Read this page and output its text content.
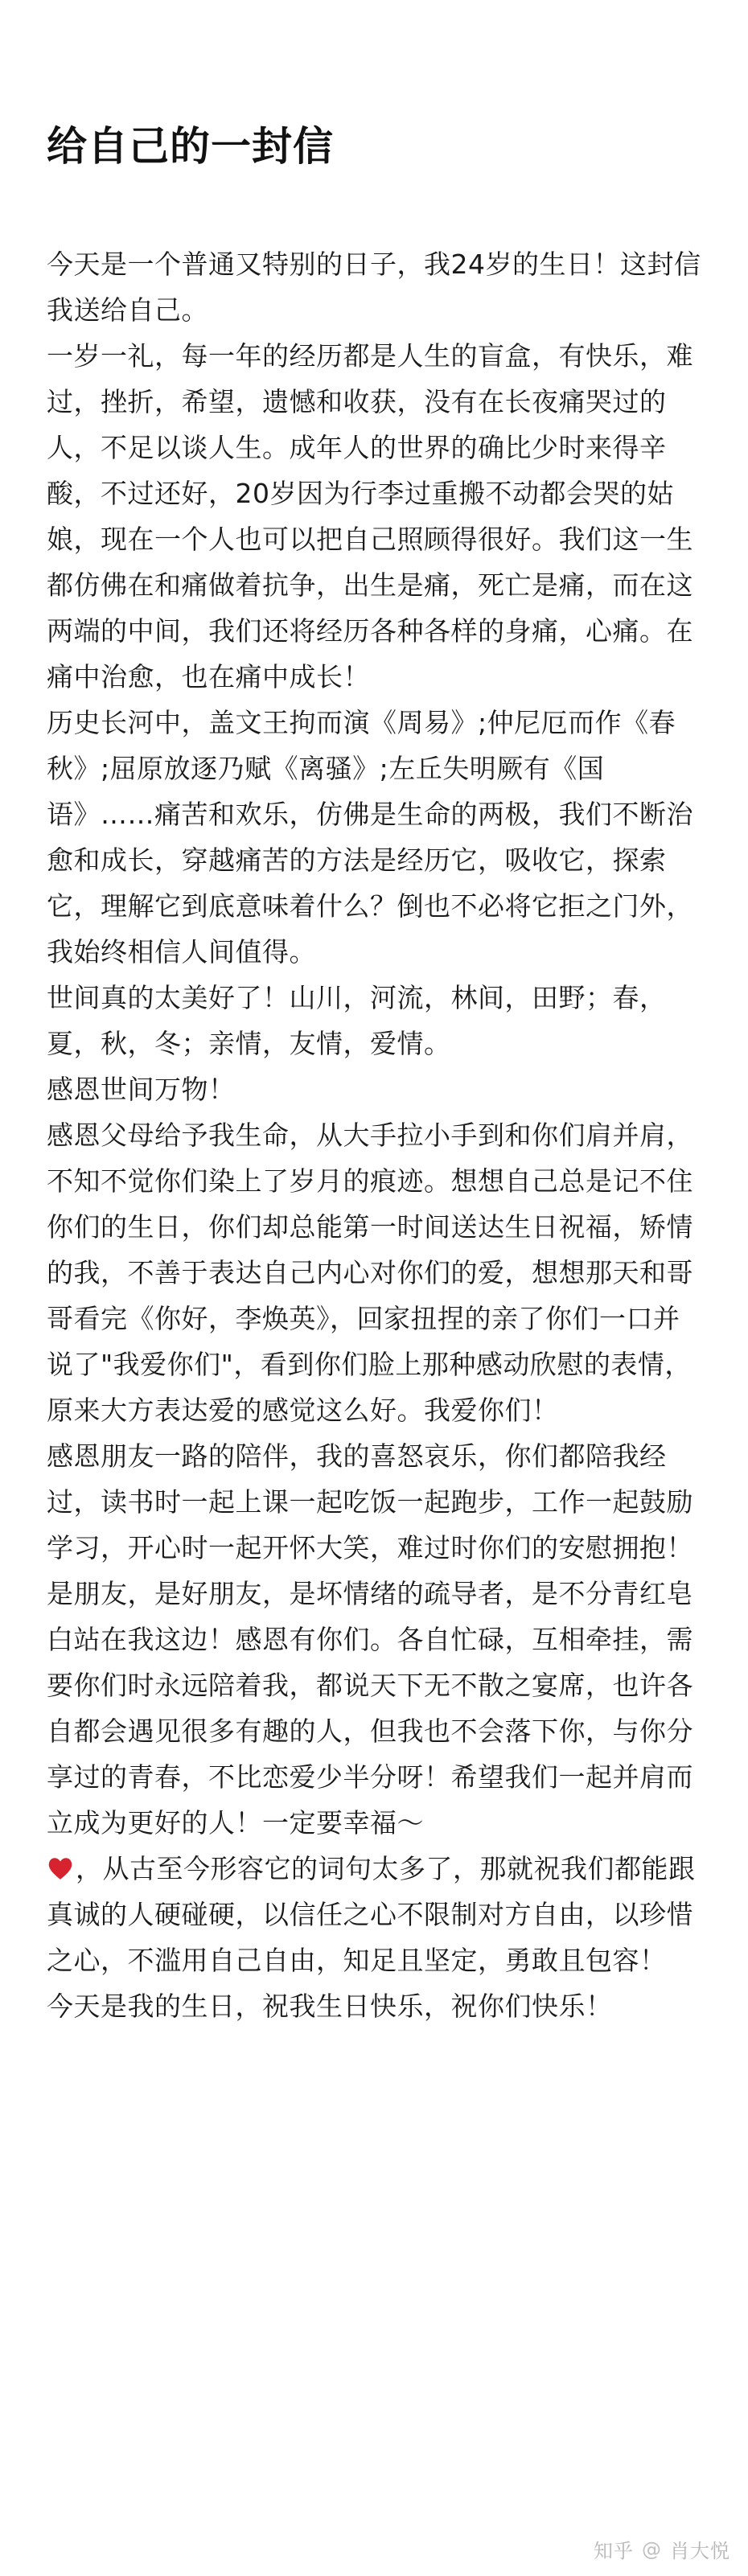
给自己的一封信

今天是一个普通又特别的日子，我24岁的生日！这封信我送给自己。

一岁一礼，每一年的经历都是人生的盲盒，有快乐，难过，挫折，希望，遗憾和收获，没有在长夜痛哭过的人，不足以谈人生。成年人的世界的确比少时来得辛酸，不过还好，20岁因为行李过重搬不动都会哭的姑娘，现在一个人也可以把自己照顾得很好。我们这一生都仿佛在和痛做着抗争，出生是痛，死亡是痛，而在这两端的中间，我们还将经历各种各样的身痛，心痛。在痛中治愈，也在痛中成长！

历史长河中，盖文王拘而演《周易》;仲尼厄而作《春秋》;屈原放逐乃赋《离骚》;左丘失明厥有《国语》……痛苦和欢乐，仿佛是生命的两极，我们不断治愈和成长，穿越痛苦的方法是经历它，吸收它，探索它，理解它到底意味着什么？倒也不必将它拒之门外，我始终相信人间值得。

世间真的太美好了！山川，河流，林间，田野；春，夏，秋，冬；亲情，友情，爱情。

感恩世间万物！

感恩父母给予我生命，从大手拉小手到和你们肩并肩，不知不觉你们染上了岁月的痕迹。想想自己总是记不住你们的生日，你们却总能第一时间送达生日祝福，矫情的我，不善于表达自己内心对你们的爱，想想那天和哥哥看完《你好，李焕英》，回家扭捏的亲了你们一口并说了"我爱你们"，看到你们脸上那种感动欣慰的表情，原来大方表达爱的感觉这么好。我爱你们！

感恩朋友一路的陪伴，我的喜怒哀乐，你们都陪我经过，读书时一起上课一起吃饭一起跑步，工作一起鼓励学习，开心时一起开怀大笑，难过时你们的安慰拥抱！是朋友，是好朋友，是坏情绪的疏导者，是不分青红皂白站在我这边！感恩有你们。各自忙碌，互相牵挂，需要你们时永远陪着我，都说天下无不散之宴席，也许各自都会遇见很多有趣的人，但我也不会落下你，与你分享过的青春，不比恋爱少半分呀！希望我们一起并肩而立成为更好的人！一定要幸福～

，从古至今形容它的词句太多了，那就祝我们都能跟真诚的人硬碰硬，以信任之心不限制对方自由，以珍惜之心，不滥用自己自由，知足且坚定，勇敢且包容！

今天是我的生日，祝我生日快乐，祝你们快乐！

知乎 @ 肖大悦
